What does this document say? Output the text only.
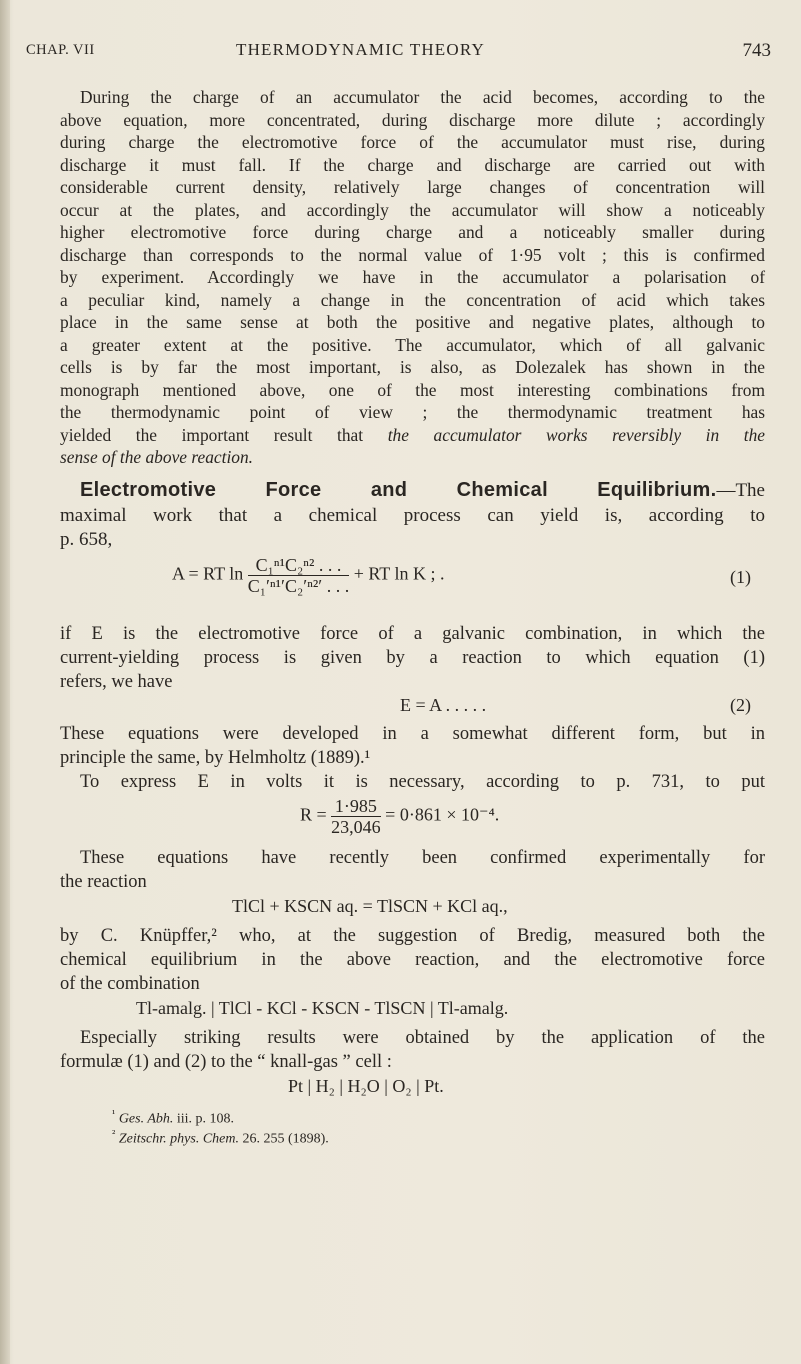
CHAP. VII	THERMODYNAMIC THEORY	743
During the charge of an accumulator the acid becomes, according to the
above equation, more concentrated, during discharge more dilute ; accordingly
during charge the electromotive force of the accumulator must rise, during
discharge it must fall. If the charge and discharge are carried out with
considerable current density, relatively large changes of concentration will
occur at the plates, and accordingly the accumulator will show a noticeably
higher electromotive force during charge and a noticeably smaller during
discharge than corresponds to the normal value of 1·95 volt ; this is confirmed
by experiment. Accordingly we have in the accumulator a polarisation of
a peculiar kind, namely a change in the concentration of acid which takes
place in the same sense at both the positive and negative plates, although to
a greater extent at the positive. The accumulator, which of all galvanic
cells is by far the most important, is also, as Dolezalek has shown in the
monograph mentioned above, one of the most interesting combinations from
the thermodynamic point of view ; the thermodynamic treatment has
yielded the important result that the accumulator works reversibly in the
sense of the above reaction.
Electromotive Force and Chemical Equilibrium.—The
maximal work that a chemical process can yield is, according to
p. 658,
A = RT $\ln \frac{\text{C₁ⁿ¹C₂ⁿ² . . .}}{\text{C₁′ⁿ¹′C₂′ⁿ²′ . . .}}$ + RT ln K ; .	(1)
if E is the electromotive force of a galvanic combination, in which the
current-yielding process is given by a reaction to which equation (1)
refers, we have
E = A . . . . .	(2)
These equations were developed in a somewhat different form, but in
principle the same, by Helmholtz (1889).¹
To express E in volts it is necessary, according to p. 731, to put
$R = \frac{1\cdot 985}{23,046} = 0\cdot 861 \times 10^{-4}$.
These equations have recently been confirmed experimentally for
the reaction
TlCl + KSCN aq. = TlSCN + KCl aq.,
by C. Knüpffer,² who, at the suggestion of Bredig, measured both the
chemical equilibrium in the above reaction, and the electromotive force
of the combination
Tl-amalg. | TlCl - KCl - KSCN - TlSCN | Tl-amalg.
Especially striking results were obtained by the application of the
formulæ (1) and (2) to the “ knall-gas ” cell :
Pt | H₂ | H₂O | O₂ | Pt.
$^{^1}$ Ges. Abh. iii. p. 108.
$^{^2}$ Zeitschr. phys. Chem. 26. 255 (1898).
